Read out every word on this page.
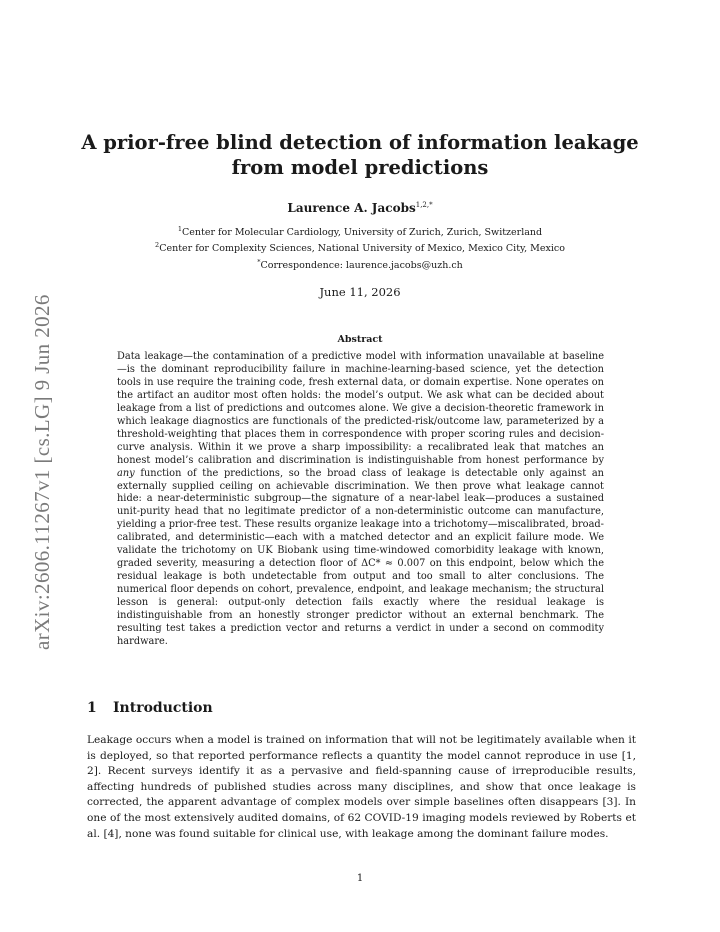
arXiv:2606.11267v1 [cs.LG] 9 Jun 2026
A prior-free blind detection of information leakage from model predictions
Laurence A. Jacobs$^{1,2,*}$
$^1$Center for Molecular Cardiology, University of Zurich, Zurich, Switzerland
$^2$Center for Complexity Sciences, National University of Mexico, Mexico City, Mexico
*Correspondence: laurence.jacobs@uzh.ch
June 11, 2026
Abstract

Data leakage—the contamination of a predictive model with information unavailable at baseline—is the dominant reproducibility failure in machine-learning-based science, yet the detection tools in use require the training code, fresh external data, or domain expertise. None operates on the artifact an auditor most often holds: the model’s output. We ask what can be decided about leakage from a list of predictions and outcomes alone. We give a decision-theoretic framework in which leakage diagnostics are functionals of the predicted-risk/outcome law, parameterized by a threshold-weighting that places them in correspondence with proper scoring rules and decision-curve analysis. Within it we prove a sharp impossibility: a recalibrated leak that matches an honest model’s calibration and discrimination is indistinguishable from honest performance by any function of the predictions, so the broad class of leakage is detectable only against an externally supplied ceiling on achievable discrimination. We then prove what leakage cannot hide: a near-deterministic subgroup—the signature of a near-label leak—produces a sustained unit-purity head that no legitimate predictor of a non-deterministic outcome can manufacture, yielding a prior-free test. These results organize leakage into a trichotomy—miscalibrated, broad-calibrated, and deterministic—each with a matched detector and an explicit failure mode. We validate the trichotomy on UK Biobank using time-windowed comorbidity leakage with known, graded severity, measuring a detection floor of ΔC* ≈ 0.007 on this endpoint, below which the residual leakage is both undetectable from output and too small to alter conclusions. The numerical floor depends on cohort, prevalence, endpoint, and leakage mechanism; the structural lesson is general: output-only detection fails exactly where the residual leakage is indistinguishable from an honestly stronger predictor without an external benchmark. The resulting test takes a prediction vector and returns a verdict in under a second on commodity hardware.

1 Introduction

Leakage occurs when a model is trained on information that will not be legitimately available when it is deployed, so that reported performance reflects a quantity the model cannot reproduce in use [1, 2]. Recent surveys identify it as a pervasive and field-spanning cause of irreproducible results, affecting hundreds of published studies across many disciplines, and show that once leakage is corrected, the apparent advantage of complex models over simple baselines often disappears [3]. In one of the most extensively audited domains, of 62 COVID-19 imaging models reviewed by Roberts et al. [4], none was found suitable for clinical use, with leakage among the dominant failure modes.

1
